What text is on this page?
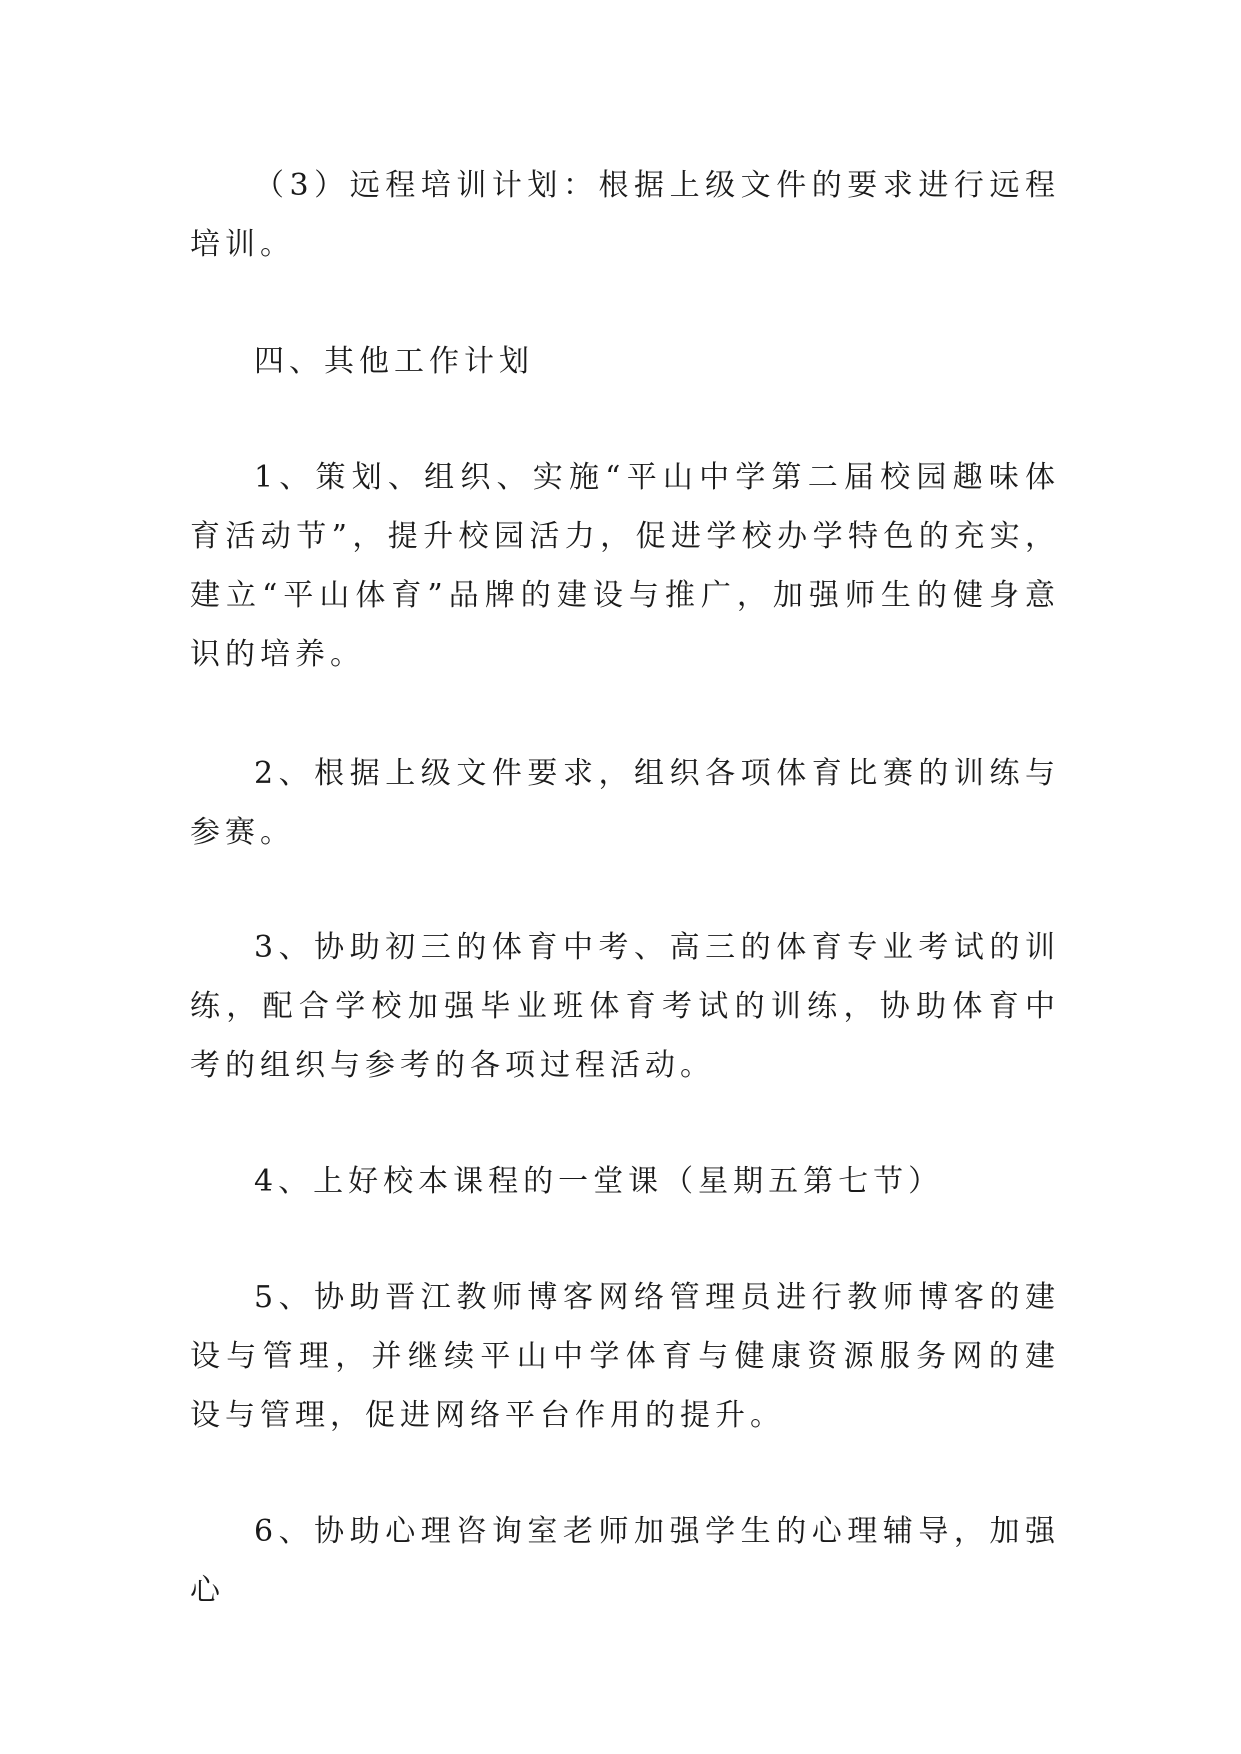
（3）远程培训计划：根据上级文件的要求进行远程培训。

四、其他工作计划

1、策划、组织、实施“平山中学第二届校园趣味体育活动节”，提升校园活力，促进学校办学特色的充实，建立“平山体育”品牌的建设与推广，加强师生的健身意识的培养。

2、根据上级文件要求，组织各项体育比赛的训练与参赛。

3、协助初三的体育中考、高三的体育专业考试的训练，配合学校加强毕业班体育考试的训练，协助体育中考的组织与参考的各项过程活动。

4、上好校本课程的一堂课（星期五第七节）

5、协助晋江教师博客网络管理员进行教师博客的建设与管理，并继续平山中学体育与健康资源服务网的建设与管理，促进网络平台作用的提升。

6、协助心理咨询室老师加强学生的心理辅导，加强心
